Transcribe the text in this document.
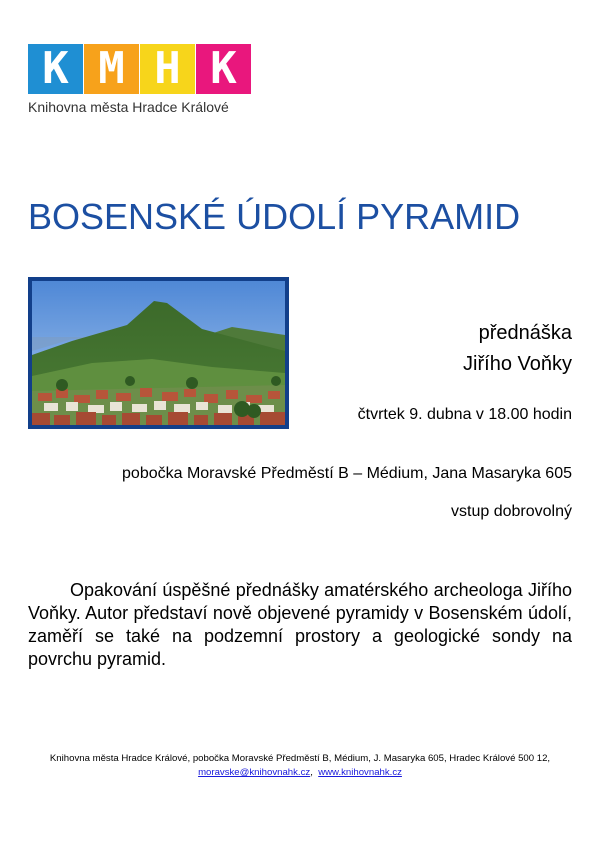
K M H K
Knihovna města Hradce Králové
BOSENSKÉ ÚDOLÍ PYRAMID
přednáška
Jiřího Voňky
čtvrtek 9. dubna v 18.00 hodin
pobočka Moravské Předměstí B – Médium, Jana Masaryka 605
vstup dobrovolný
Opakování úspěšné přednášky amatérského archeologa Jiřího Voňky. Autor představí nově objevené pyramidy v Bosenském údolí, zaměří se také na podzemní prostory a geologické sondy na povrchu pyramid.
Knihovna města Hradce Králové, pobočka Moravské Předměstí B, Médium, J. Masaryka 605, Hradec Králové 500 12,
moravske@knihovnahk.cz, www.knihovnahk.cz
